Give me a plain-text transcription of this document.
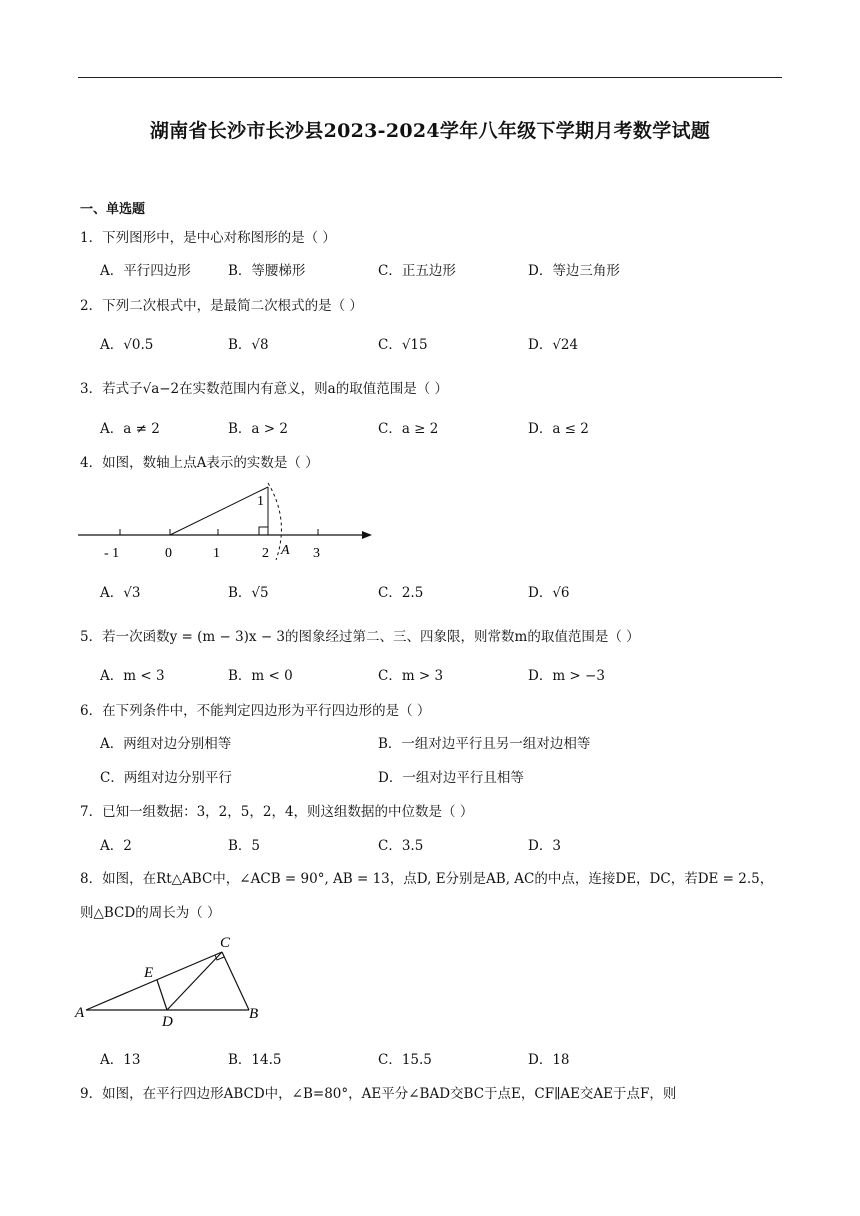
湖南省长沙市长沙县2023-2024学年八年级下学期月考数学试题
一、单选题
1．下列图形中，是中心对称图形的是（ ）
A．平行四边形	B．等腰梯形	C．正五边形	D．等边三角形
2．下列二次根式中，是最简二次根式的是（ ）
A．√0.5	B．√8	C．√15	D．√24
3．若式子√a−2在实数范围内有意义，则a的取值范围是（ ）
A．a ≠ 2	B．a > 2	C．a ≥ 2	D．a ≤ 2
4．如图，数轴上点A表示的实数是（ ）
- 1	0	1	2	3
1
A
A．√3	B．√5	C．2.5	D．√6
5．若一次函数y = (m − 3)x − 3的图象经过第二、三、四象限，则常数m的取值范围是（ ）
A．m < 3	B．m < 0	C．m > 3	D．m > −3
6．在下列条件中，不能判定四边形为平行四边形的是（ ）
A．两组对边分别相等	B．一组对边平行且另一组对边相等
C．两组对边分别平行	D．一组对边平行且相等
7．已知一组数据：3，2，5，2，4，则这组数据的中位数是（ ）
A．2	B．5	C．3.5	D．3
8．如图，在Rt△ABC中，∠ACB = 90°, AB = 13，点D, E分别是AB, AC的中点，连接DE，DC，若DE = 2.5，
则△BCD的周长为（ ）
A	B
C
D
E
A．13	B．14.5	C．15.5	D．18
9．如图，在平行四边形ABCD中，∠B=80°，AE平分∠BAD交BC于点E，CF∥AE交AE于点F，则
